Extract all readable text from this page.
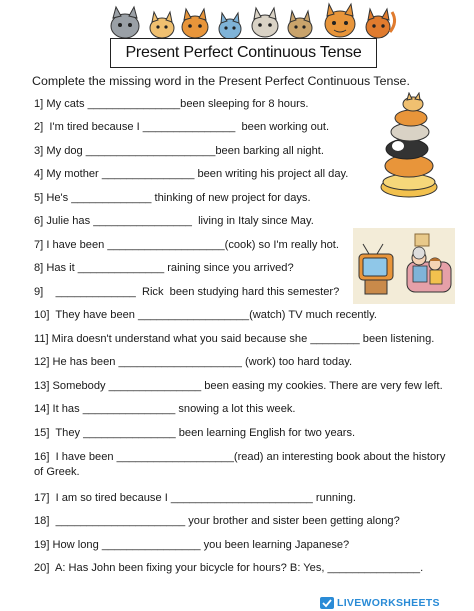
Present Perfect Continuous Tense
Complete the missing word in the Present Perfect Continuous Tense.
1] My cats _______________been sleeping for 8 hours.
2]  I'm tired because I _______________  been working out.
3] My dog _____________________been barking all night.
4] My mother _______________ been writing his project all day.
5] He's _____________ thinking of new project for days.
6] Julie has ________________  living in Italy since May.
7] I have been ___________________(cook) so I'm really hot.
8] Has it ______________ raining since you arrived?
9]    _____________  Rick  been studying hard this semester?
10]  They have been __________________(watch) TV much recently.
11] Mira doesn't understand what you said because she ________ been listening.
12] He has been ____________________ (work) too hard today.
13] Somebody _______________ been easing my cookies. There are very few left.
14] It has _______________ snowing a lot this week.
15]  They _______________ been learning English for two years.
16]  I have been ___________________(read) an interesting book about the history of Greek.
17]  I am so tired because I _______________________ running.
18]  _____________________ your brother and sister been getting along?
19] How long ________________ you been learning Japanese?
20]  A: Has John been fixing your bicycle for hours? B: Yes, _______________.
LIVEWORKSHEETS
